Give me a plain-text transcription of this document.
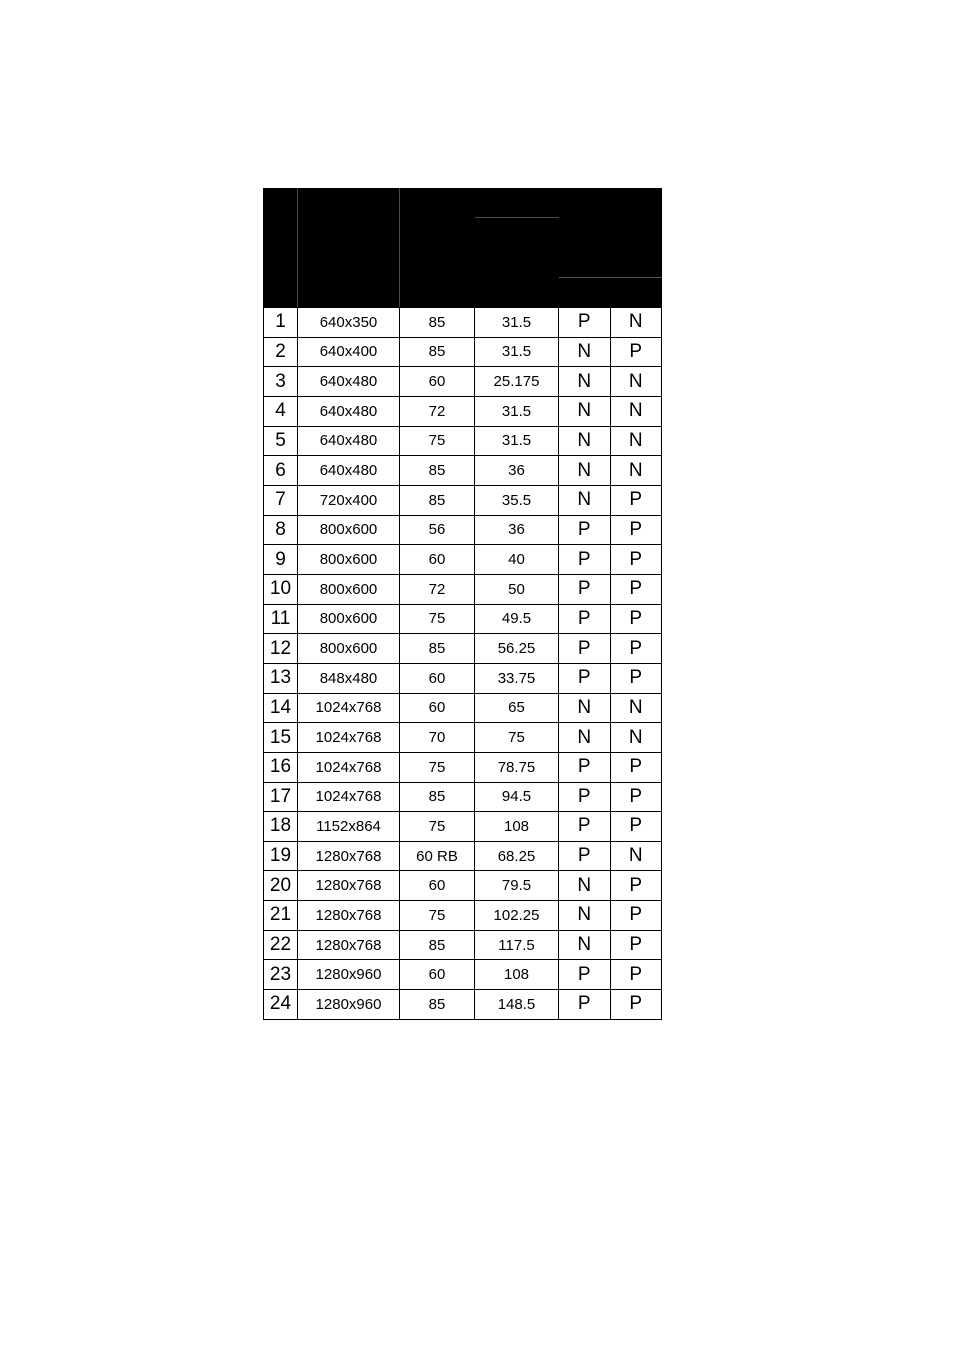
1	640x350	85	31.5	P	N
2	640x400	85	31.5	N	P
3	640x480	60	25.175	N	N
4	640x480	72	31.5	N	N
5	640x480	75	31.5	N	N
6	640x480	85	36	N	N
7	720x400	85	35.5	N	P
8	800x600	56	36	P	P
9	800x600	60	40	P	P
10	800x600	72	50	P	P
11	800x600	75	49.5	P	P
12	800x600	85	56.25	P	P
13	848x480	60	33.75	P	P
14	1024x768	60	65	N	N
15	1024x768	70	75	N	N
16	1024x768	75	78.75	P	P
17	1024x768	85	94.5	P	P
18	1152x864	75	108	P	P
19	1280x768	60 RB	68.25	P	N
20	1280x768	60	79.5	N	P
21	1280x768	75	102.25	N	P
22	1280x768	85	117.5	N	P
23	1280x960	60	108	P	P
24	1280x960	85	148.5	P	P
